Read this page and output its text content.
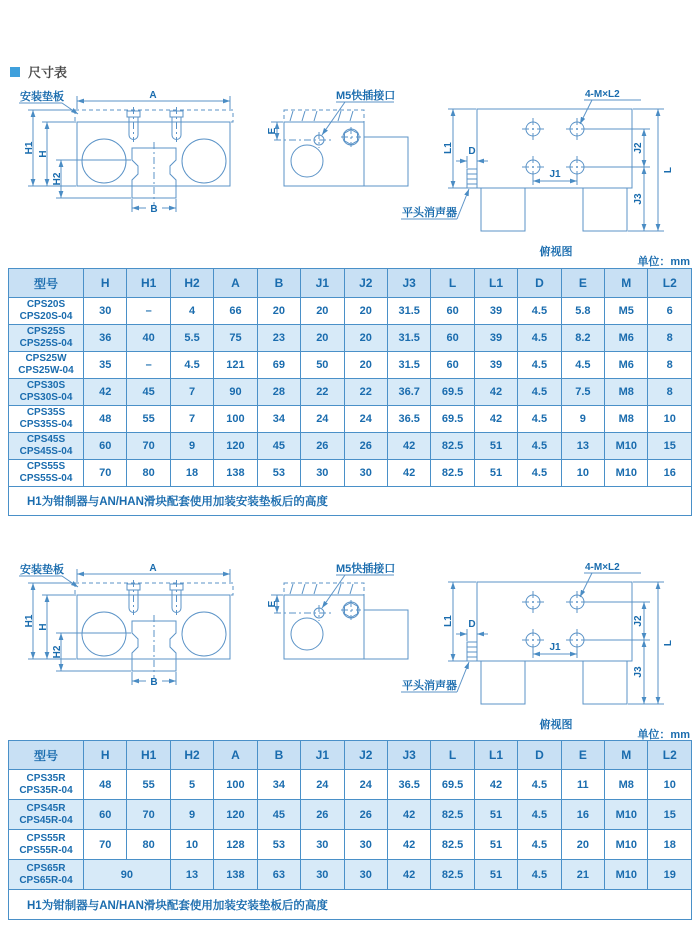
尺寸表
安装垫板	A
B
H1 H
H2
E
M5快插接口
平头消声器
L1 D
J1
J2
J3
L
4-M×L2
俯视图
单位：mm
型号	H	H1	H2	A	B	J1	J2	J3	L	L1	D	E	M	L2
CPS20S
CPS20S-04	30	–	4	66	20	20	20	31.5	60	39	4.5	5.8	M5	6
CPS25S
CPS25S-04	36	40	5.5	75	23	20	20	31.5	60	39	4.5	8.2	M6	8
CPS25W
CPS25W-04	35	–	4.5	121	69	50	20	31.5	60	39	4.5	4.5	M6	8
CPS30S
CPS30S-04	42	45	7	90	28	22	22	36.7	69.5	42	4.5	7.5	M8	8
CPS35S
CPS35S-04	48	55	7	100	34	24	24	36.5	69.5	42	4.5	9	M8	10
CPS45S
CPS45S-04	60	70	9	120	45	26	26	42	82.5	51	4.5	13	M10	15
CPS55S
CPS55S-04	70	80	18	138	53	30	30	42	82.5	51	4.5	10	M10	16
H1为钳制器与AN/HAN滑块配套使用加装安装垫板后的高度														
安装垫板	A
B
H1 H
H2
E
M5快插接口
平头消声器
L1 D
J1
J2
J3
L
4-M×L2
俯视图
单位：mm
型号	H	H1	H2	A	B	J1	J2	J3	L	L1	D	E	M	L2
CPS35R
CPS35R-04	48	55	5	100	34	24	24	36.5	69.5	42	4.5	11	M8	10
CPS45R
CPS45R-04	60	70	9	120	45	26	26	42	82.5	51	4.5	16	M10	15
CPS55R
CPS55R-04	70	80	10	128	53	30	30	42	82.5	51	4.5	20	M10	18
CPS65R
CPS65R-04	90		13	138	63	30	30	42	82.5	51	4.5	21	M10	19
H1为钳制器与AN/HAN滑块配套使用加装安装垫板后的高度														
